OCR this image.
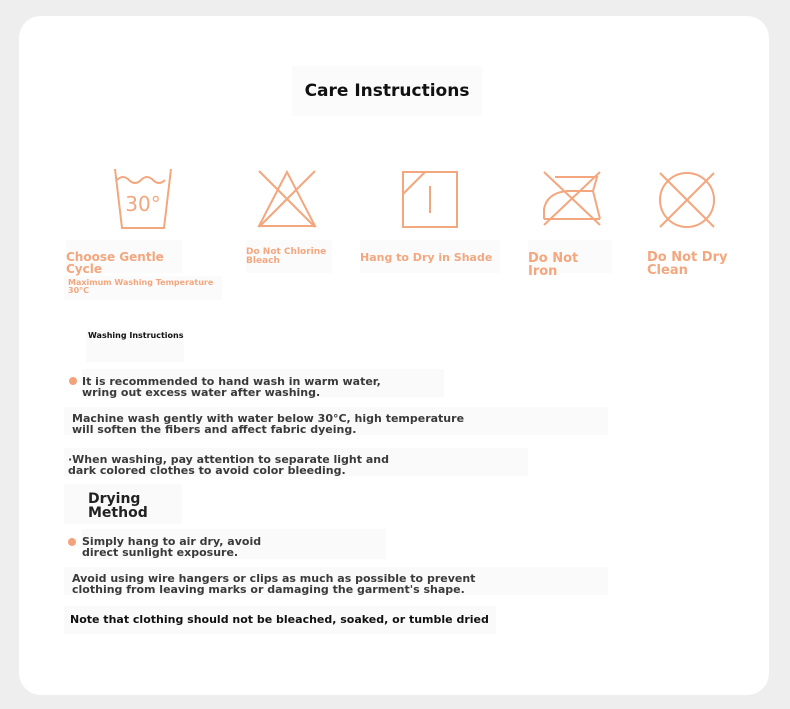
Care Instructions
30°
Choose Gentle
Cycle
Do Not Chlorine
Bleach	Hang to Dry in Shade	Do Not
Iron
Do Not Dry
Clean
Maximum Washing Temperature
30°C
Washing Instructions
It is recommended to hand wash in warm water,
wring out excess water after washing.
Machine wash gently with water below 30°C, high temperature
will soften the fibers and affect fabric dyeing.
·When washing, pay attention to separate light and
dark colored clothes to avoid color bleeding.
Drying
Method
Simply hang to air dry, avoid
direct sunlight exposure.
Avoid using wire hangers or clips as much as possible to prevent
clothing from leaving marks or damaging the garment's shape.
Note that clothing should not be bleached, soaked, or tumble dried
